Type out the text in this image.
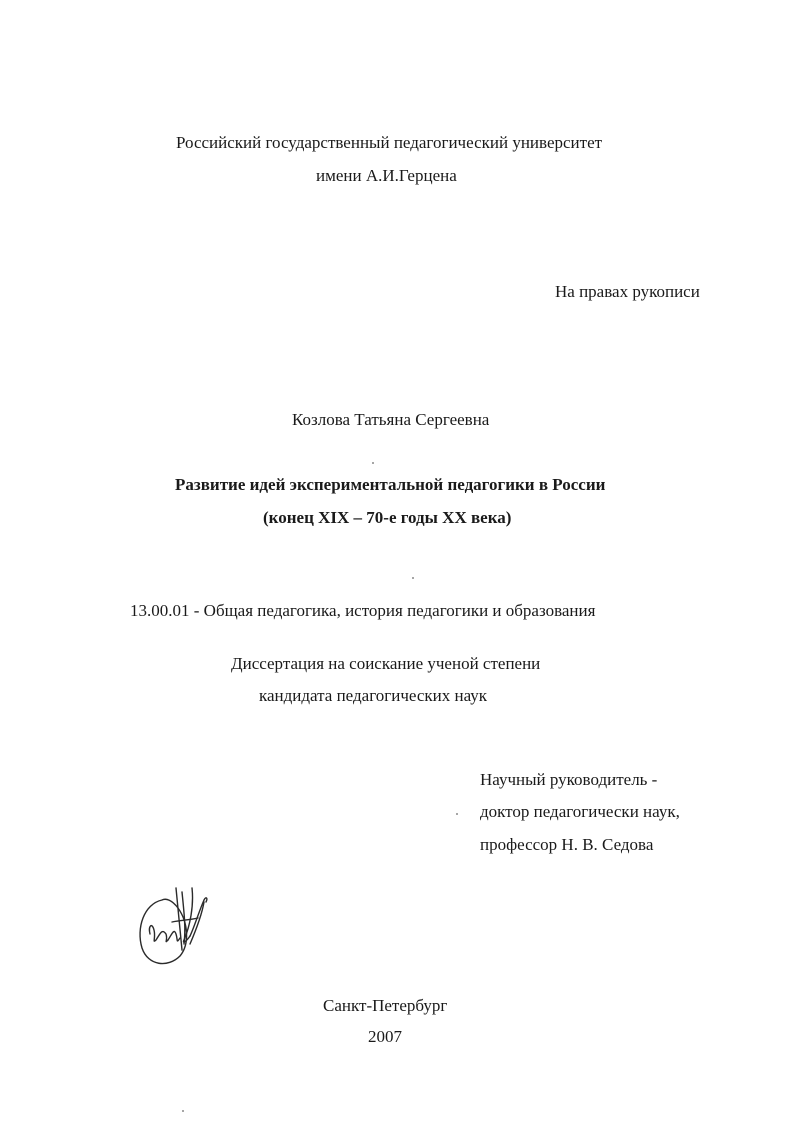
Российский государственный педагогический университет
имени А.И.Герцена
На правах рукописи
Козлова Татьяна Сергеевна
Развитие идей экспериментальной педагогики в России
(конец XIX – 70-е годы XX века)
13.00.01 - Общая педагогика, история педагогики и образования
Диссертация на соискание ученой степени
кандидата педагогических наук
Научный руководитель -
доктор педагогически наук,
профессор Н. В. Седова
Санкт-Петербург
2007
